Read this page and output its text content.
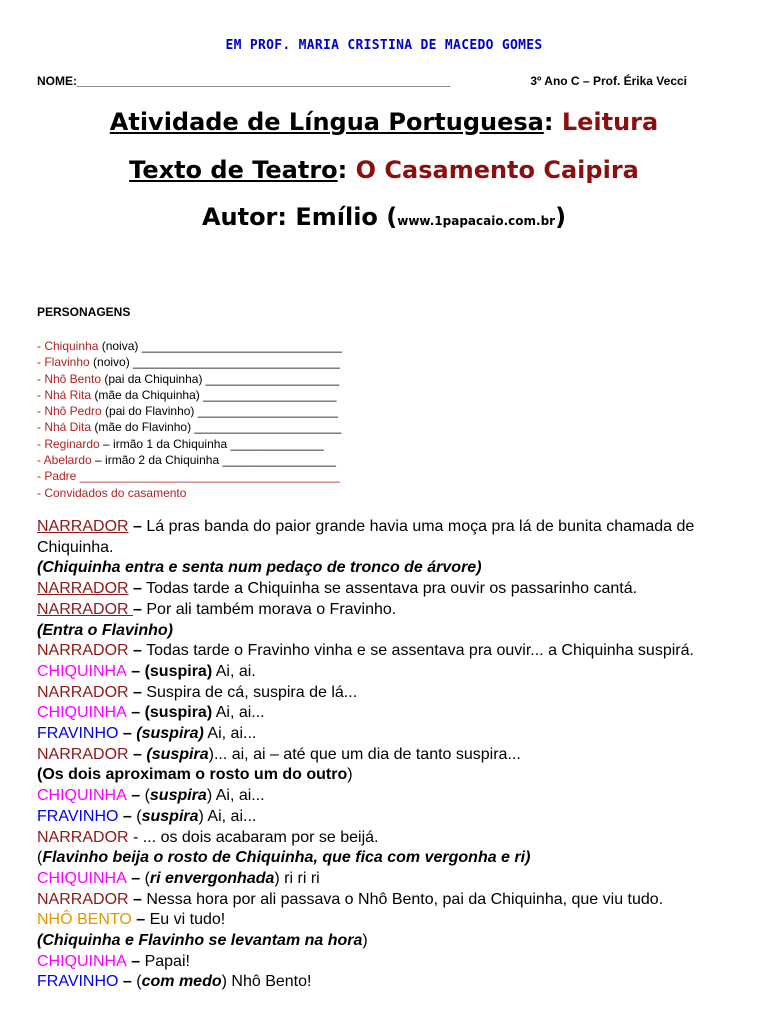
EM PROF. MARIA CRISTINA DE MACEDO GOMES
NOME:________________________________________________________	3º Ano C – Prof. Érika Vecci
Atividade de Língua Portuguesa: Leitura
Texto de Teatro: O Casamento Caipira
Autor: Emílio (www.1papacaio.com.br)
PERSONAGENS
- Chiquinha (noiva) ______________________________
- Flavinho (noivo) _______________________________
- Nhô Bento (pai da Chiquinha) ____________________
- Nhá Rita (mãe da Chiquinha) ____________________
- Nhô Pedro (pai do Flavinho) _____________________
- Nhá Dita (mãe do Flavinho) ______________________
- Reginardo – irmão 1 da Chiquinha ______________
- Abelardo – irmão 2 da Chiquinha _________________
- Padre _______________________________________
- Convidados do casamento

NARRADOR – Lá pras banda do paior grande havia uma moça pra lá de bunita chamada de Chiquinha.

(Chiquinha entra e senta num pedaço de tronco de árvore)

NARRADOR – Todas tarde a Chiquinha se assentava pra ouvir os passarinho cantá.

NARRADOR – Por ali também morava o Fravinho.

(Entra o Flavinho)

NARRADOR – Todas tarde o Fravinho vinha e se assentava pra ouvir... a Chiquinha suspirá.

CHIQUINHA – (suspira) Ai, ai.

NARRADOR – Suspira de cá, suspira de lá...

CHIQUINHA – (suspira) Ai, ai...

FRAVINHO – (suspira) Ai, ai...

NARRADOR – (suspira)... ai, ai – até que um dia de tanto suspira...

(Os dois aproximam o rosto um do outro)

CHIQUINHA – (suspira) Ai, ai...

FRAVINHO – (suspira) Ai, ai...

NARRADOR - ... os dois acabaram por se beijá.

(Flavinho beija o rosto de Chiquinha, que fica com vergonha e ri)

CHIQUINHA – (ri envergonhada) ri ri ri

NARRADOR – Nessa hora por ali passava o Nhô Bento, pai da Chiquinha, que viu tudo.

NHÔ BENTO – Eu vi tudo!

(Chiquinha e Flavinho se levantam na hora)

CHIQUINHA – Papai!

FRAVINHO – (com medo) Nhô Bento!
